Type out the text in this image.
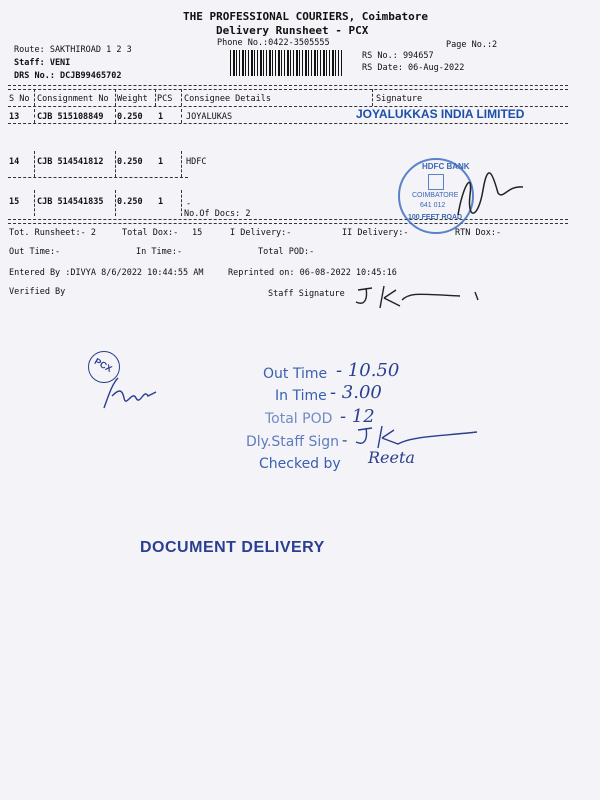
THE PROFESSIONAL COURIERS, Coimbatore
Delivery Runsheet - PCX
Phone No.:0422-3505555	Page No.:2
Route: SAKTHIROAD 1 2 3
Staff: VENI
DRS No.: DCJB99465702
RS No.: 994657
RS Date: 06-Aug-2022
S No Consignment No Weight PCS Consignee Details	Signature
13 CJB 515108849 0.250 1	JOYALUKAS	JOYALUKKAS INDIA LIMITED
14 CJB 514541812 0.250 1	HDFC
15 CJB 514541835 0.250 1	-
No.Of Docs: 2
HDFC BANK
COIMBATORE
641 012
100 FEET ROAD
Tot. Runsheet:- 2	Total Dox:- 15	I Delivery:-	II Delivery:-	RTN Dox:-
Out Time:-	In Time:-	Total POD:-
Entered By :DIVYA 8/6/2022 10:44:55 AM	Reprinted on: 06-08-2022 10:45:16
Verified By	Staff Signature
PCX
Out Time - 10.50
In Time - 3.00
Total POD - 12
Dly.Staff Sign -
Checked by Reeta
DOCUMENT DELIVERY
